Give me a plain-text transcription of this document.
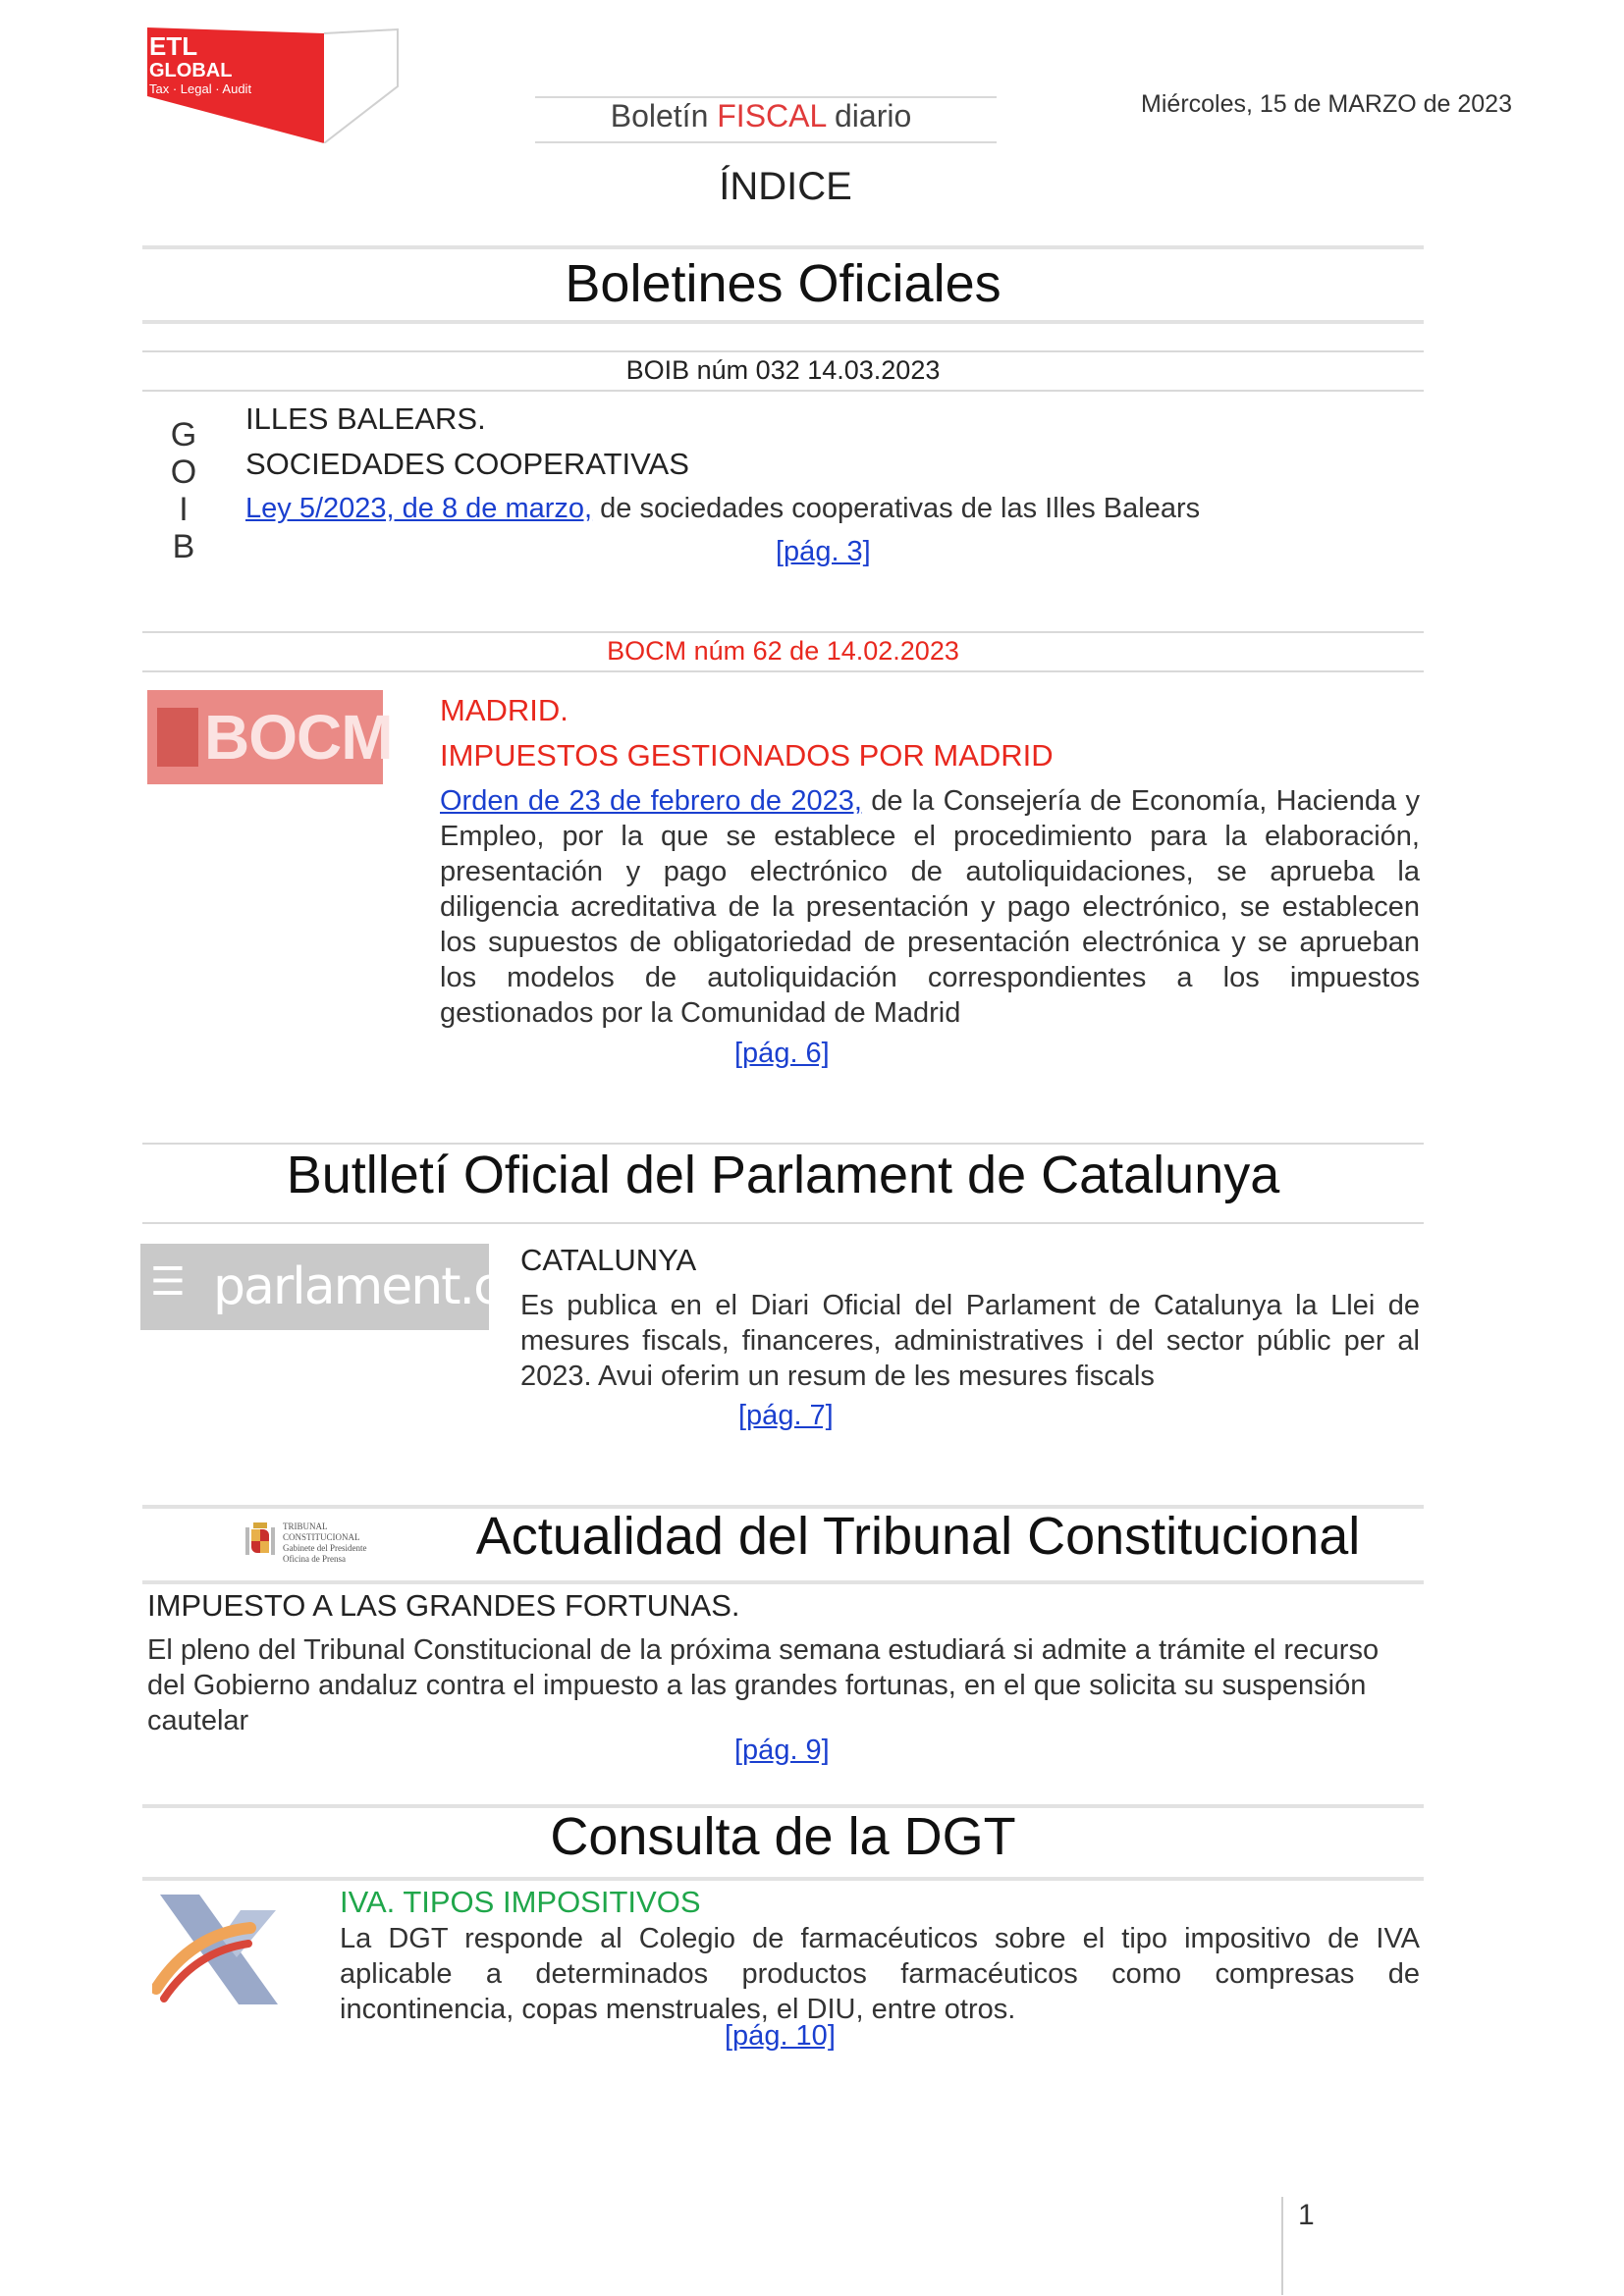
ETL
GLOBAL
Tax · Legal · Audit
Boletín FISCAL diario	Miércoles, 15 de MARZO de 2023
ÍNDICE
Boletines Oficiales
BOIB núm 032 14.03.2023
G
O
I
B
ILLES BALEARS.
SOCIEDADES COOPERATIVAS
Ley 5/2023, de 8 de marzo, de sociedades cooperativas de las Illes Balears
[pág. 3]
BOCM núm 62 de 14.02.2023
BOCM MADRID.
IMPUESTOS GESTIONADOS POR MADRID
Orden de 23 de febrero de 2023, de la Consejería de Economía, Hacienda y Empleo, por la que se establece el procedimiento para la elaboración, presentación y pago electrónico de autoliquidaciones, se aprueba la diligencia acreditativa de la presentación y pago electrónico, se establecen los supuestos de obligatoriedad de presentación electrónica y se aprueban los modelos de autoliquidación correspondientes a los impuestos gestionados por la Comunidad de Madrid
[pág. 6]
Butlletí Oficial del Parlament de Catalunya
☰ parlament.cat
CATALUNYA
Es publica en el Diari Oficial del Parlament de Catalunya la Llei de mesures fiscals, financeres, administratives i del sector públic per al 2023. Avui oferim un resum de les mesures fiscals
[pág. 7]
TRIBUNAL CONSTITUCIONAL
Gabinete del Presidente
Oficina de Prensa	Actualidad del Tribunal Constitucional
IMPUESTO A LAS GRANDES FORTUNAS.
El pleno del Tribunal Constitucional de la próxima semana estudiará si admite a trámite el recurso del Gobierno andaluz contra el impuesto a las grandes fortunas, en el que solicita su suspensión cautelar
[pág. 9]
Consulta de la DGT
IVA. TIPOS IMPOSITIVOS
La DGT responde al Colegio de farmacéuticos sobre el tipo impositivo de IVA aplicable a determinados productos farmacéuticos como compresas de incontinencia, copas menstruales, el DIU, entre otros.
[pág. 10]
1
